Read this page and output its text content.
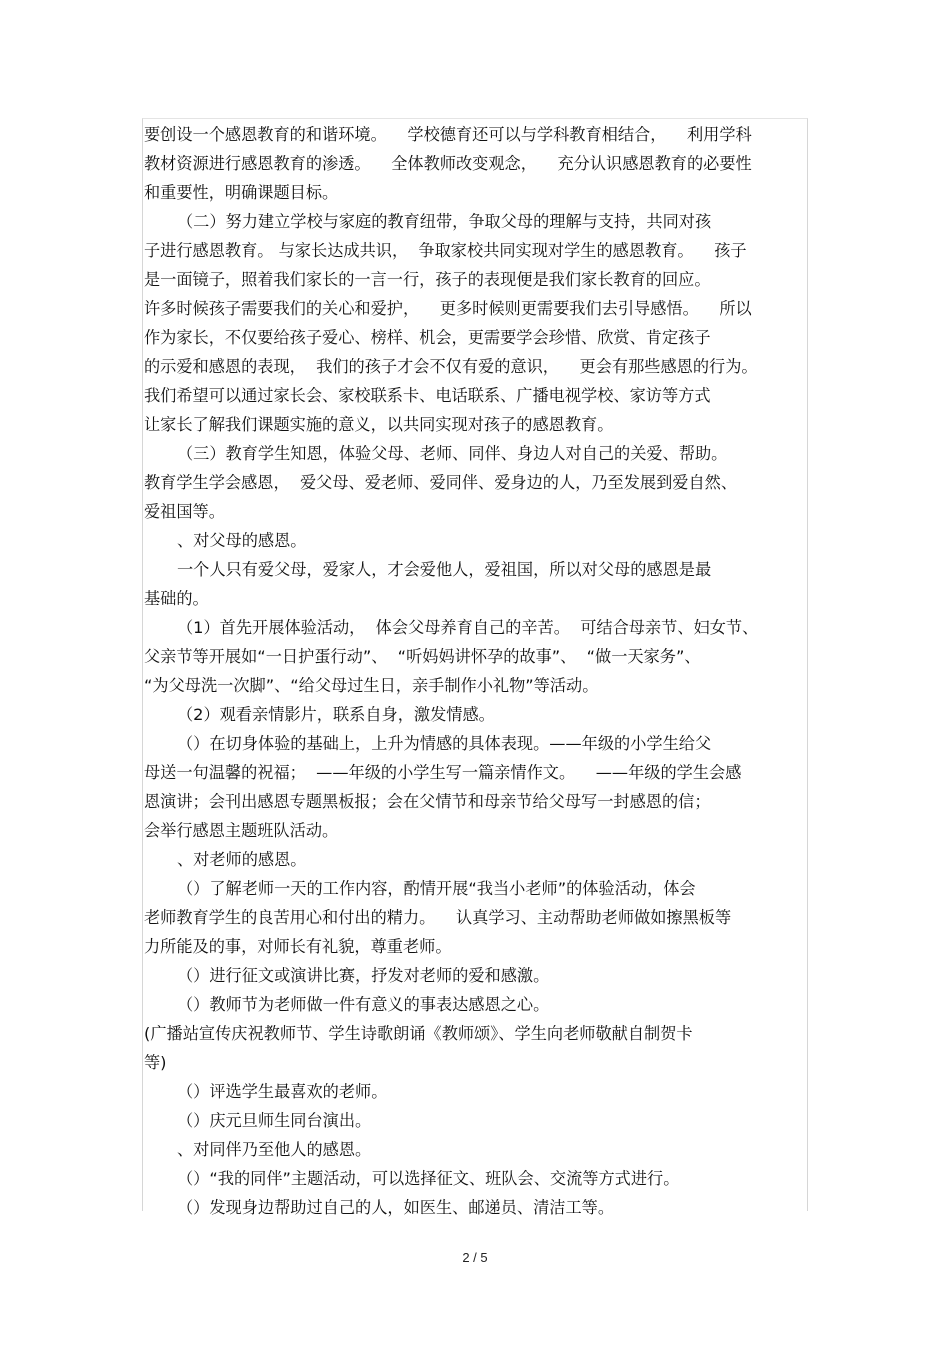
要创设一个感恩教育的和谐环境。    学校德育还可以与学科教育相结合，    利用学科
教材资源进行感恩教育的渗透。    全体教师改变观念，    充分认识感恩教育的必要性
和重要性，明确课题目标。
（二）努力建立学校与家庭的教育纽带，争取父母的理解与支持，共同对孩
子进行感恩教育。 与家长达成共识，  争取家校共同实现对学生的感恩教育。    孩子
是一面镜子，照着我们家长的一言一行，孩子的表现便是我们家长教育的回应。
许多时候孩子需要我们的关心和爱护，    更多时候则更需要我们去引导感悟。    所以
作为家长，不仅要给孩子爱心、榜样、机会，更需要学会珍惜、欣赏、肯定孩子
的示爱和感恩的表现，  我们的孩子才会不仅有爱的意识，    更会有那些感恩的行为。
我们希望可以通过家长会、家校联系卡、电话联系、广播电视学校、家访等方式
让家长了解我们课题实施的意义，以共同实现对孩子的感恩教育。
（三）教育学生知恩，体验父母、老师、同伴、身边人对自己的关爱、帮助。
教育学生学会感恩，  爱父母、爱老师、爱同伴、爱身边的人，乃至发展到爱自然、
爱祖国等。
、对父母的感恩。
一个人只有爱父母，爱家人，才会爱他人，爱祖国，所以对父母的感恩是最
基础的。
（1）首先开展体验活动，  体会父母养育自己的辛苦。  可结合母亲节、妇女节、
父亲节等开展如“一日护蛋行动”、  “听妈妈讲怀孕的故事”、  “做一天家务”、
“为父母洗一次脚”、“给父母过生日，亲手制作小礼物”等活动。
（2）观看亲情影片，联系自身，激发情感。
（）在切身体验的基础上，上升为情感的具体表现。——年级的小学生给父
母送一句温馨的祝福；  ——年级的小学生写一篇亲情作文。    ——年级的学生会感
恩演讲；会刊出感恩专题黑板报；会在父情节和母亲节给父母写一封感恩的信；
会举行感恩主题班队活动。
、对老师的感恩。
（）了解老师一天的工作内容，酌情开展“我当小老师”的体验活动，体会
老师教育学生的良苦用心和付出的精力。    认真学习、主动帮助老师做如擦黑板等
力所能及的事，对师长有礼貌，尊重老师。
（）进行征文或演讲比赛，抒发对老师的爱和感激。
（）教师节为老师做一件有意义的事表达感恩之心。
(广播站宣传庆祝教师节、学生诗歌朗诵《教师颂》、学生向老师敬献自制贺卡
等)
（）评选学生最喜欢的老师。
（）庆元旦师生同台演出。
、对同伴乃至他人的感恩。
（）“我的同伴”主题活动，可以选择征文、班队会、交流等方式进行。
（）发现身边帮助过自己的人，如医生、邮递员、清洁工等。
2 / 5
